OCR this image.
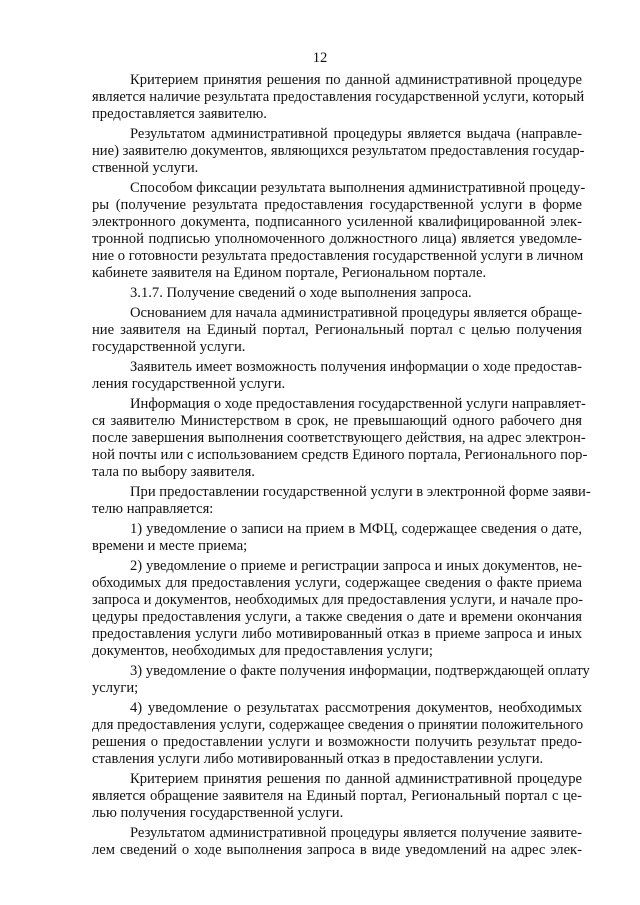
12
Критерием принятия решения по данной административной процедуре
является наличие результата предоставления государственной услуги, который
предоставляется заявителю.
Результатом административной процедуры является выдача (направле-
ние) заявителю документов, являющихся результатом предоставления государ-
ственной услуги.
Способом фиксации результата выполнения административной процеду-
ры (получение результата предоставления государственной услуги в форме
электронного документа, подписанного усиленной квалифицированной элек-
тронной подписью уполномоченного должностного лица) является уведомле-
ние о готовности результата предоставления государственной услуги в личном
кабинете заявителя на Едином портале, Региональном портале.
3.1.7. Получение сведений о ходе выполнения запроса.
Основанием для начала административной процедуры является обраще-
ние заявителя на Единый портал, Региональный портал с целью получения
государственной услуги.
Заявитель имеет возможность получения информации о ходе предостав-
ления государственной услуги.
Информация о ходе предоставления государственной услуги направляет-
ся заявителю Министерством в срок, не превышающий одного рабочего дня
после завершения выполнения соответствующего действия, на адрес электрон-
ной почты или с использованием средств Единого портала, Регионального пор-
тала по выбору заявителя.
При предоставлении государственной услуги в электронной форме заяви-
телю направляется:
1) уведомление о записи на прием в МФЦ, содержащее сведения о дате,
времени и месте приема;
2) уведомление о приеме и регистрации запроса и иных документов, не-
обходимых для предоставления услуги, содержащее сведения о факте приема
запроса и документов, необходимых для предоставления услуги, и начале про-
цедуры предоставления услуги, а также сведения о дате и времени окончания
предоставления услуги либо мотивированный отказ в приеме запроса и иных
документов, необходимых для предоставления услуги;
3) уведомление о факте получения информации, подтверждающей оплату
услуги;
4) уведомление о результатах рассмотрения документов, необходимых
для предоставления услуги, содержащее сведения о принятии положительного
решения о предоставлении услуги и возможности получить результат предо-
ставления услуги либо мотивированный отказ в предоставлении услуги.
Критерием принятия решения по данной административной процедуре
является обращение заявителя на Единый портал, Региональный портал с це-
лью получения государственной услуги.
Результатом административной процедуры является получение заявите-
лем сведений о ходе выполнения запроса в виде уведомлений на адрес элек-
